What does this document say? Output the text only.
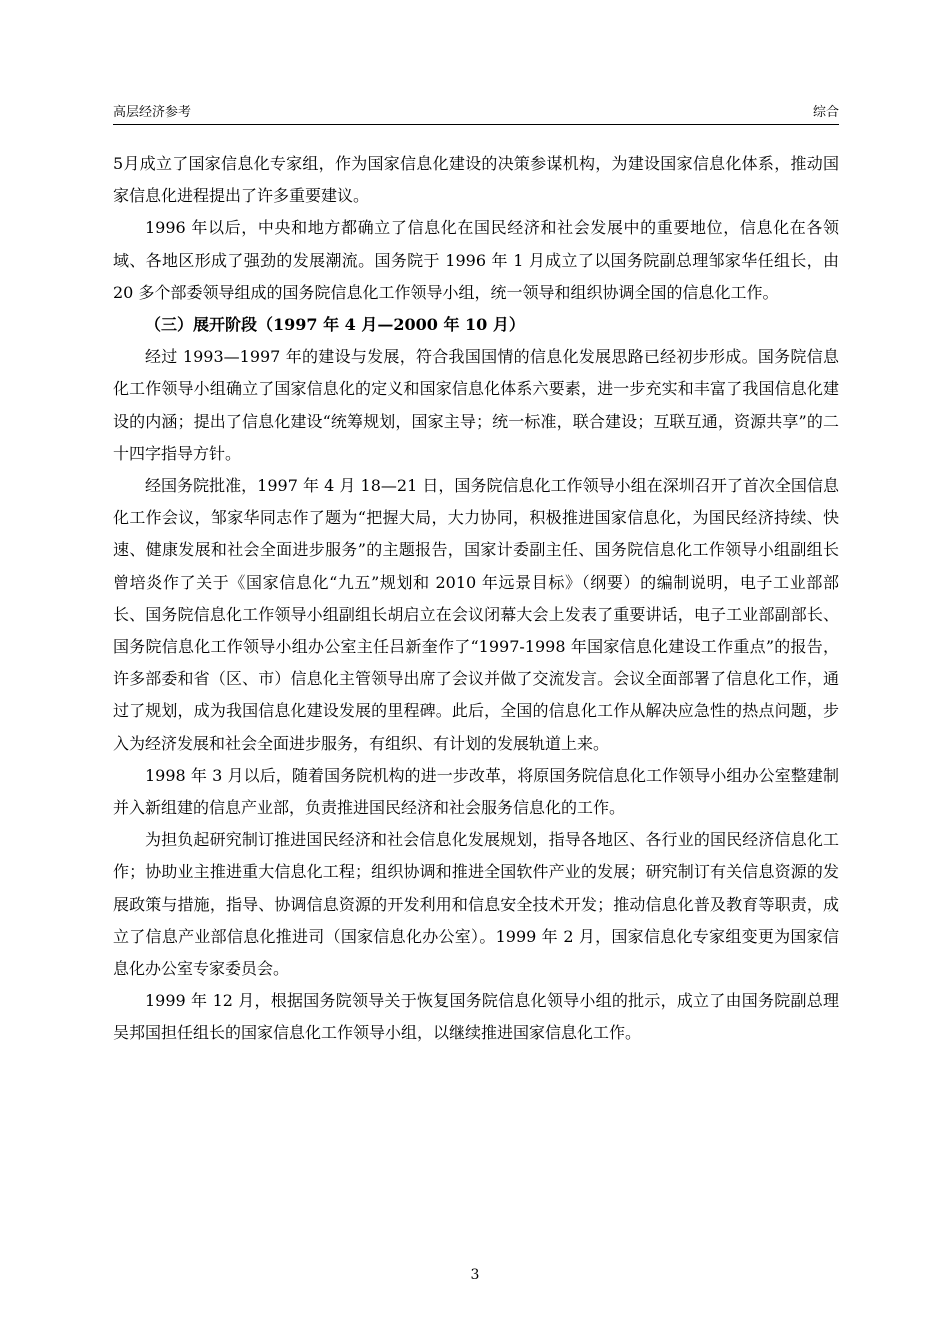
高层经济参考	综合

5月成立了国家信息化专家组，作为国家信息化建设的决策参谋机构，为建设国家信息化体系，推动国家信息化进程提出了许多重要建议。

1996 年以后，中央和地方都确立了信息化在国民经济和社会发展中的重要地位，信息化在各领域、各地区形成了强劲的发展潮流。国务院于 1996 年 1 月成立了以国务院副总理邹家华任组长，由 20 多个部委领导组成的国务院信息化工作领导小组，统一领导和组织协调全国的信息化工作。

（三）展开阶段（1997 年 4 月—2000 年 10 月）

经过 1993—1997 年的建设与发展，符合我国国情的信息化发展思路已经初步形成。国务院信息化工作领导小组确立了国家信息化的定义和国家信息化体系六要素，进一步充实和丰富了我国信息化建设的内涵；提出了信息化建设“统筹规划，国家主导；统一标准，联合建设；互联互通，资源共享”的二十四字指导方针。

经国务院批准，1997 年 4 月 18—21 日，国务院信息化工作领导小组在深圳召开了首次全国信息化工作会议，邹家华同志作了题为“把握大局，大力协同，积极推进国家信息化，为国民经济持续、快速、健康发展和社会全面进步服务”的主题报告，国家计委副主任、国务院信息化工作领导小组副组长曾培炎作了关于《国家信息化“九五”规划和 2010 年远景目标》（纲要）的编制说明，电子工业部部长、国务院信息化工作领导小组副组长胡启立在会议闭幕大会上发表了重要讲话，电子工业部副部长、国务院信息化工作领导小组办公室主任吕新奎作了“1997-1998 年国家信息化建设工作重点”的报告，许多部委和省（区、市）信息化主管领导出席了会议并做了交流发言。会议全面部署了信息化工作，通过了规划，成为我国信息化建设发展的里程碑。此后，全国的信息化工作从解决应急性的热点问题，步入为经济发展和社会全面进步服务，有组织、有计划的发展轨道上来。

1998 年 3 月以后，随着国务院机构的进一步改革，将原国务院信息化工作领导小组办公室整建制并入新组建的信息产业部，负责推进国民经济和社会服务信息化的工作。

为担负起研究制订推进国民经济和社会信息化发展规划，指导各地区、各行业的国民经济信息化工作；协助业主推进重大信息化工程；组织协调和推进全国软件产业的发展；研究制订有关信息资源的发展政策与措施，指导、协调信息资源的开发利用和信息安全技术开发；推动信息化普及教育等职责，成立了信息产业部信息化推进司（国家信息化办公室）。1999 年 2 月，国家信息化专家组变更为国家信息化办公室专家委员会。

1999 年 12 月，根据国务院领导关于恢复国务院信息化领导小组的批示，成立了由国务院副总理吴邦国担任组长的国家信息化工作领导小组，以继续推进国家信息化工作。

3
